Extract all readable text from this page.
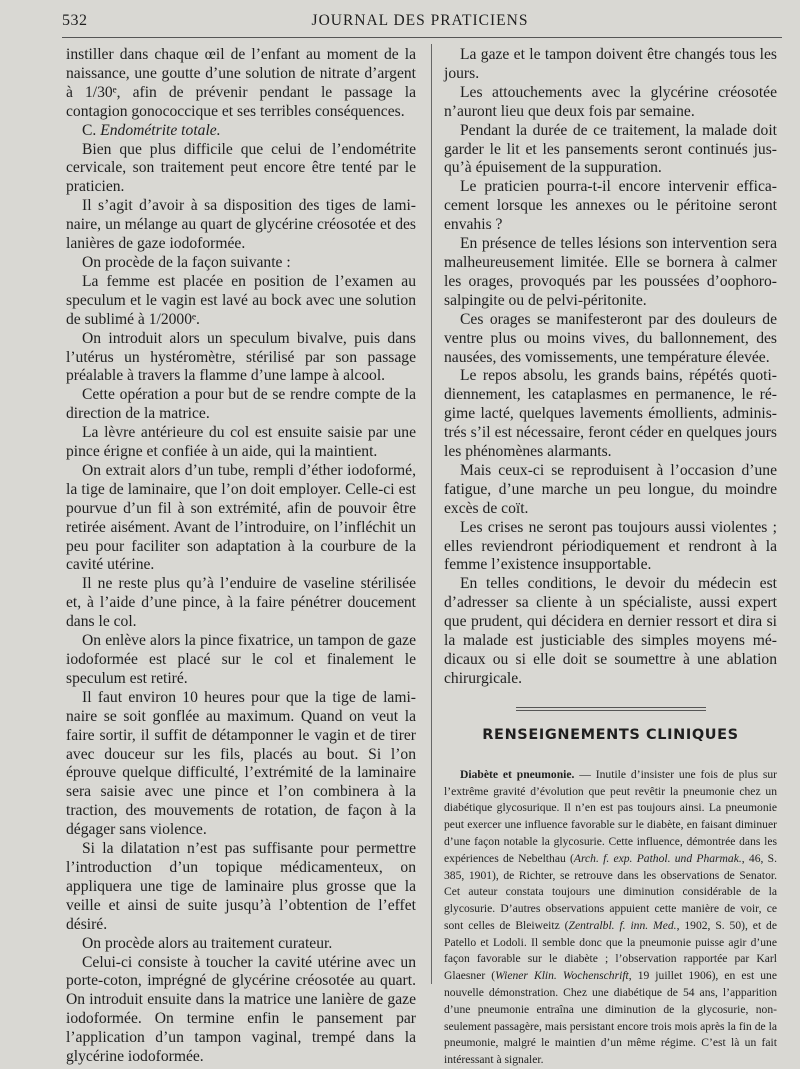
532	JOURNAL DES PRATICIENS

instiller dans chaque œil de l’enfant au moment de la naissance, une goutte d’une solution de nitrate d’argent à 1/30ᵉ, afin de prévenir pendant le passage la contagion gonococcique et ses terribles conséquences.

C. Endométrite totale.

Bien que plus difficile que celui de l’endométrite cervicale, son traitement peut encore être tenté par le praticien.

Il s’agit d’avoir à sa disposition des tiges de laminaire, un mélange au quart de glycérine créosotée et des lanières de gaze iodoformée.

On procède de la façon suivante :

La femme est placée en position de l’examen au speculum et le vagin est lavé au bock avec une solution de sublimé à 1/2000ᵉ.

On introduit alors un speculum bivalve, puis dans l’utérus un hystéromètre, stérilisé par son passage préalable à travers la flamme d’une lampe à alcool.

Cette opération a pour but de se rendre compte de la direction de la matrice.

La lèvre antérieure du col est ensuite saisie par une pince érigne et confiée à un aide, qui la maintient.

On extrait alors d’un tube, rempli d’éther iodoformé, la tige de laminaire, que l’on doit employer. Celle-ci est pourvue d’un fil à son extrémité, afin de pouvoir être retirée aisément. Avant de l’introduire, on l’infléchit un peu pour faciliter son adaptation à la courbure de la cavité utérine.

Il ne reste plus qu’à l’enduire de vaseline stérilisée et, à l’aide d’une pince, à la faire pénétrer doucement dans le col.

On enlève alors la pince fixatrice, un tampon de gaze iodoformée est placé sur le col et finalement le speculum est retiré.

Il faut environ 10 heures pour que la tige de laminaire se soit gonflée au maximum. Quand on veut la faire sortir, il suffit de détamponner le vagin et de tirer avec douceur sur les fils, placés au bout. Si l’on éprouve quelque difficulté, l’extrémité de la laminaire sera saisie avec une pince et l’on combinera à la traction, des mouvements de rotation, de façon à la dégager sans violence.

Si la dilatation n’est pas suffisante pour permettre l’introduction d’un topique médicamenteux, on appliquera une tige de laminaire plus grosse que la veille et ainsi de suite jusqu’à l’obtention de l’effet désiré.

On procède alors au traitement curateur.

Celui-ci consiste à toucher la cavité utérine avec un porte-coton, imprégné de glycérine créosotée au quart. On introduit ensuite dans la matrice une lanière de gaze iodoformée. On termine enfin le pansement par l’application d’un tampon vaginal, trempé dans la glycérine iodoformée.

La gaze et le tampon doivent être changés tous les jours.

Les attouchements avec la glycérine créosotée n’auront lieu que deux fois par semaine.

Pendant la durée de ce traitement, la malade doit garder le lit et les pansements seront continués jusqu’à épuisement de la suppuration.

Le praticien pourra-t-il encore intervenir efficacement lorsque les annexes ou le péritoine seront envahis ?

En présence de telles lésions son intervention sera malheureusement limitée. Elle se bornera à calmer les orages, provoqués par les poussées d’oophorosalpingite ou de pelvi-péritonite.

Ces orages se manifesteront par des douleurs de ventre plus ou moins vives, du ballonnement, des nausées, des vomissements, une température élevée.

Le repos absolu, les grands bains, répétés quotidiennement, les cataplasmes en permanence, le régime lacté, quelques lavements émollients, administrés s’il est nécessaire, feront céder en quelques jours les phénomènes alarmants.

Mais ceux-ci se reproduisent à l’occasion d’une fatigue, d’une marche un peu longue, du moindre excès de coït.

Les crises ne seront pas toujours aussi violentes ; elles reviendront périodiquement et rendront à la femme l’existence insupportable.

En telles conditions, le devoir du médecin est d’adresser sa cliente à un spécialiste, aussi expert que prudent, qui décidera en dernier ressort et dira si la malade est justiciable des simples moyens médicaux ou si elle doit se soumettre à une ablation chirurgicale.

RENSEIGNEMENTS CLINIQUES

Diabète et pneumonie. — Inutile d’insister une fois de plus sur l’extrême gravité d’évolution que peut revêtir la pneumonie chez un diabétique glycosurique. Il n’en est pas toujours ainsi. La pneumonie peut exercer une influence favorable sur le diabète, en faisant diminuer d’une façon notable la glycosurie. Cette influence, démontrée dans les expériences de Nebelthau (Arch. f. exp. Pathol. und Pharmak., 46, S. 385, 1901), de Richter, se retrouve dans les observations de Senator. Cet auteur constata toujours une diminution considérable de la glycosurie. D’autres observations appuient cette manière de voir, ce sont celles de Bleiweitz (Zentralbl. f. inn. Med., 1902, S. 50), et de Patello et Lodoli. Il semble donc que la pneumonie puisse agir d’une façon favorable sur le diabète ; l’observation rapportée par Karl Glaesner (Wiener Klin. Wochenschrift, 19 juillet 1906), en est une nouvelle démonstration. Chez une diabétique de 54 ans, l’apparition d’une pneumonie entraîna une diminution de la glycosurie, non-seulement passagère, mais persistant encore trois mois après la fin de la pneumonie, malgré le maintien d’un même régime. C’est là un fait intéressant à signaler.
